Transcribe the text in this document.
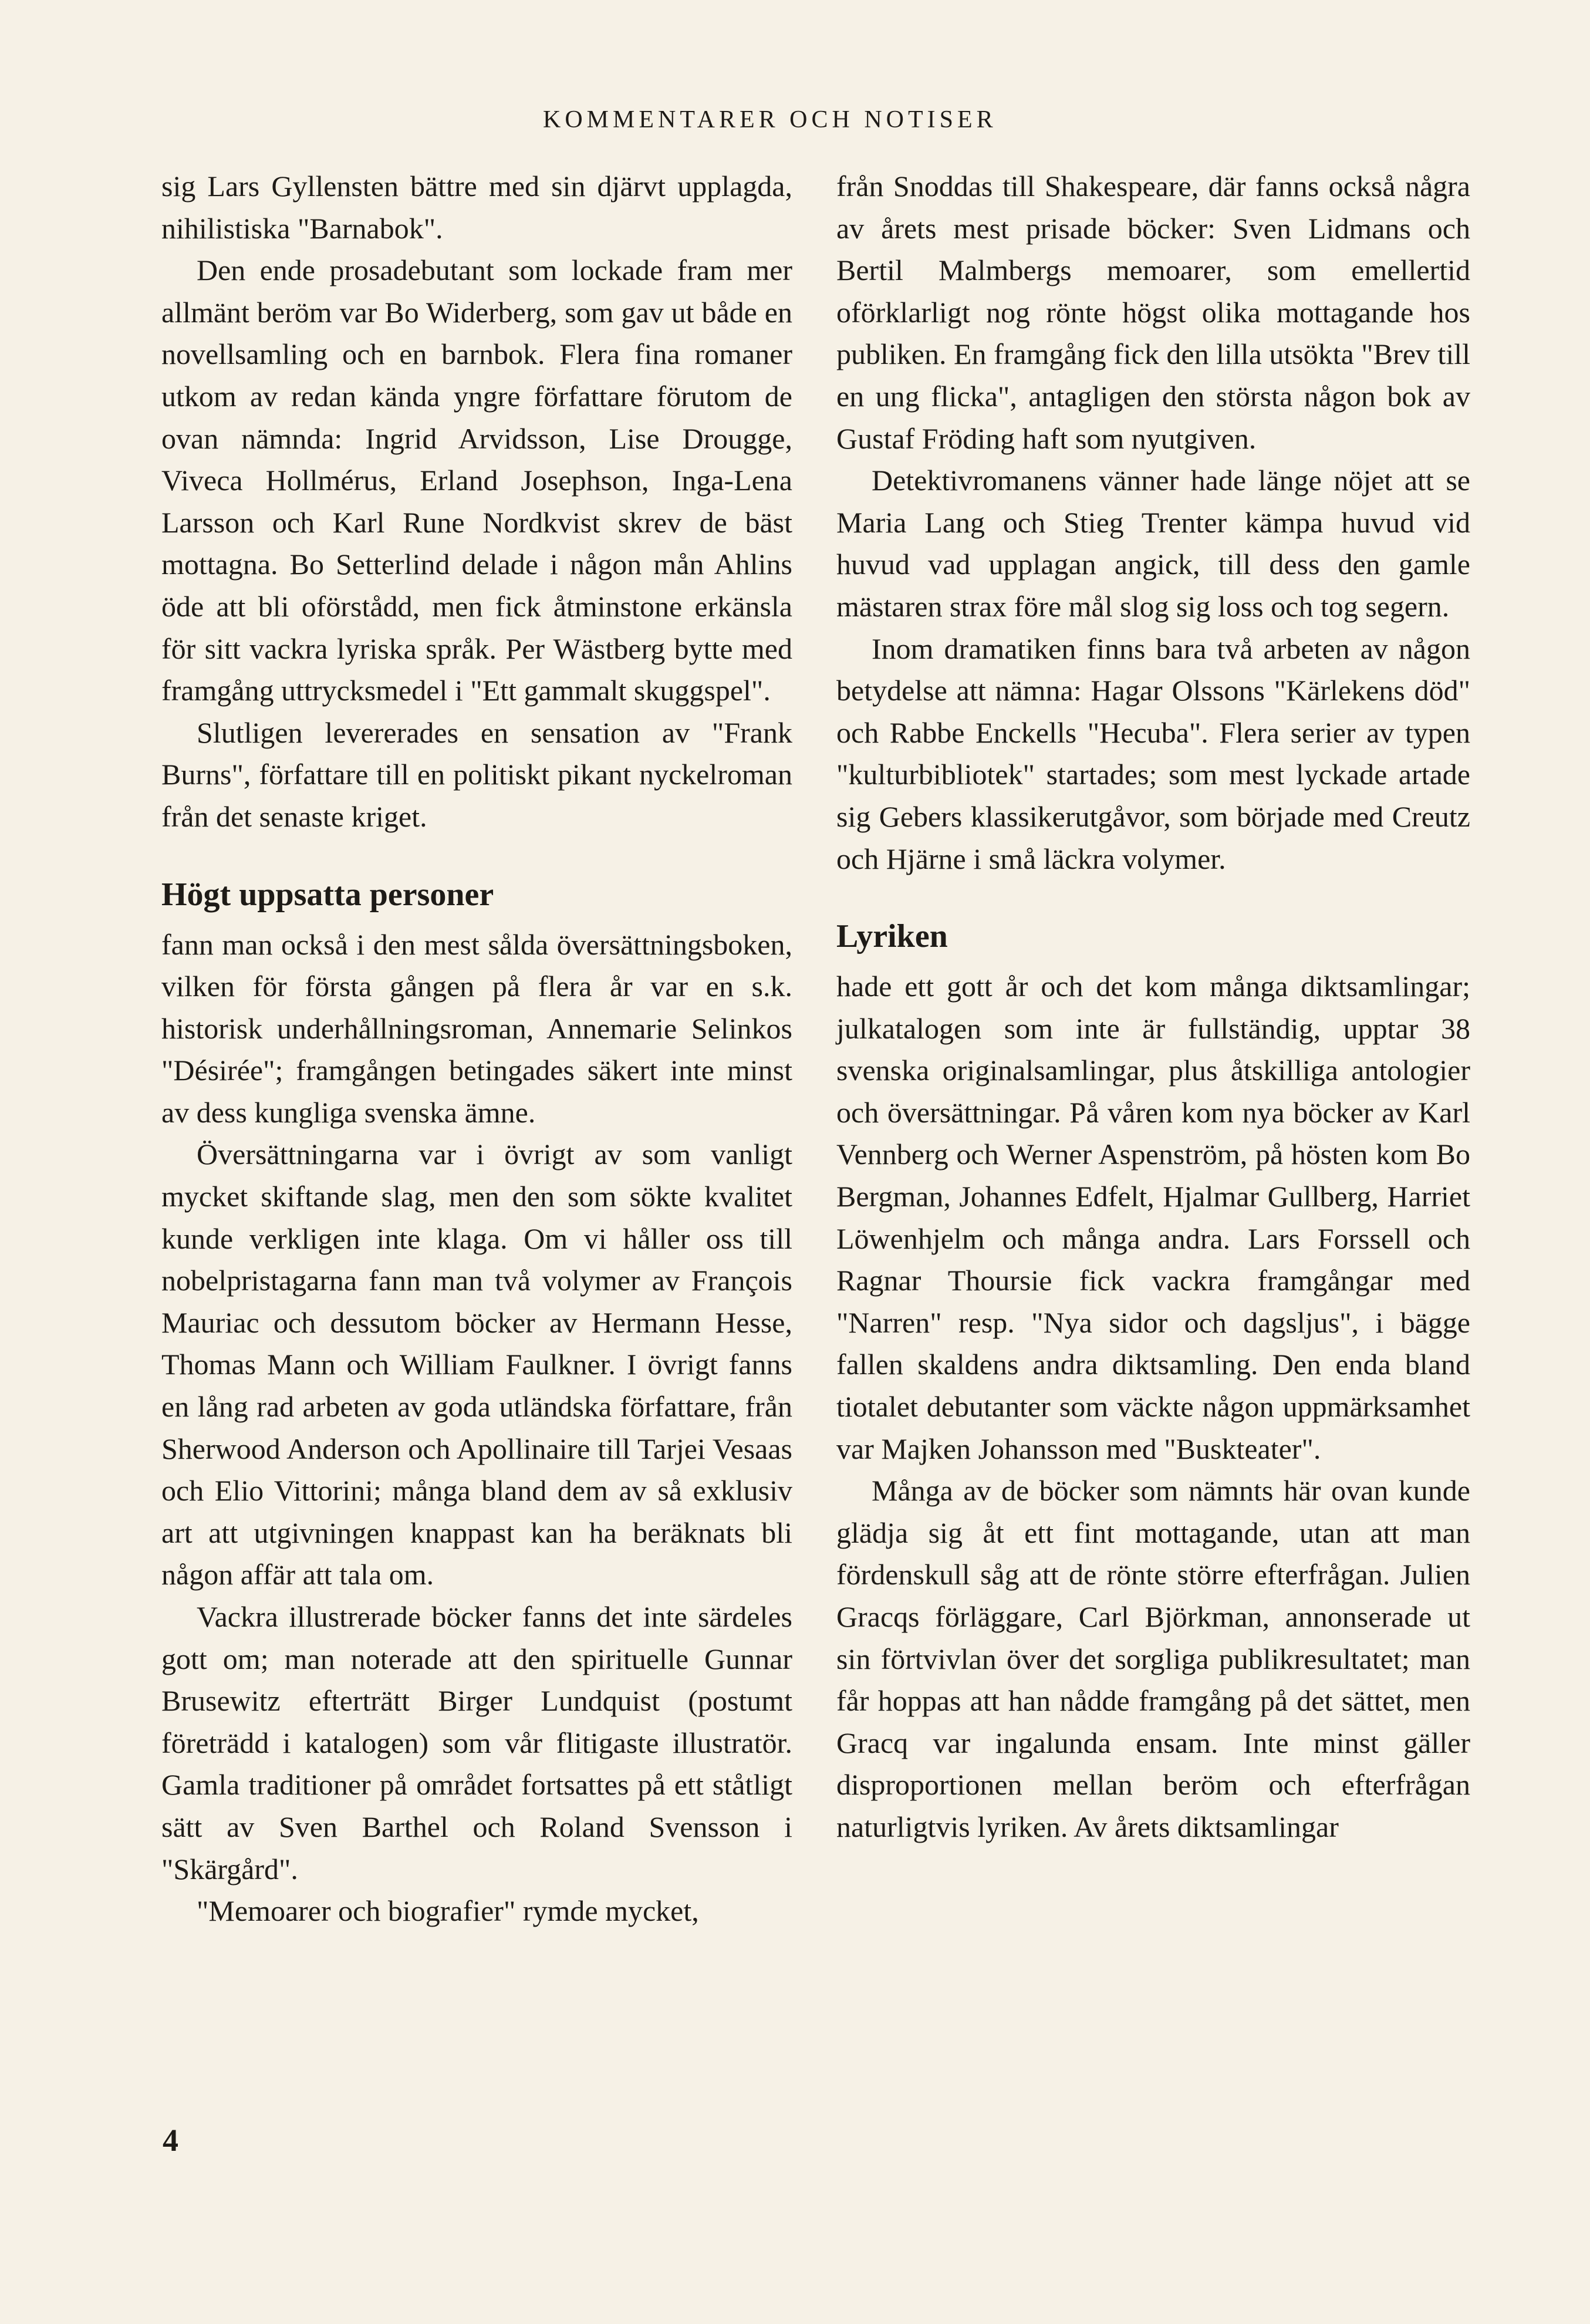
KOMMENTARER OCH NOTISER

sig Lars Gyllensten bättre med sin djärvt upplagda, nihilistiska "Barnabok".

Den ende prosadebutant som lockade fram mer allmänt beröm var Bo Widerberg, som gav ut både en novellsamling och en barnbok. Flera fina romaner utkom av redan kända yngre författare förutom de ovan nämnda: Ingrid Arvidsson, Lise Drougge, Viveca Hollmérus, Erland Josephson, Inga-Lena Larsson och Karl Rune Nordkvist skrev de bäst mottagna. Bo Setterlind delade i någon mån Ahlins öde att bli oförstådd, men fick åtminstone erkänsla för sitt vackra lyriska språk. Per Wästberg bytte med framgång uttrycksmedel i "Ett gammalt skuggspel".

Slutligen levererades en sensation av "Frank Burns", författare till en politiskt pikant nyckelroman från det senaste kriget.

Högt uppsatta personer

fann man också i den mest sålda översättningsboken, vilken för första gången på flera år var en s.k. historisk underhållningsroman, Annemarie Selinkos "Désirée"; framgången betingades säkert inte minst av dess kungliga svenska ämne.

Översättningarna var i övrigt av som vanligt mycket skiftande slag, men den som sökte kvalitet kunde verkligen inte klaga. Om vi håller oss till nobelpristagarna fann man två volymer av François Mauriac och dessutom böcker av Hermann Hesse, Thomas Mann och William Faulkner. I övrigt fanns en lång rad arbeten av goda utländska författare, från Sherwood Anderson och Apollinaire till Tarjei Vesaas och Elio Vittorini; många bland dem av så exklusiv art att utgivningen knappast kan ha beräknats bli någon affär att tala om.

Vackra illustrerade böcker fanns det inte särdeles gott om; man noterade att den spirituelle Gunnar Brusewitz efterträtt Birger Lundquist (postumt företrädd i katalogen) som vår flitigaste illustratör. Gamla traditioner på området fortsattes på ett ståtligt sätt av Sven Barthel och Roland Svensson i "Skärgård".

"Memoarer och biografier" rymde mycket,

från Snoddas till Shakespeare, där fanns också några av årets mest prisade böcker: Sven Lidmans och Bertil Malmbergs memoarer, som emellertid oförklarligt nog rönte högst olika mottagande hos publiken. En framgång fick den lilla utsökta "Brev till en ung flicka", antagligen den största någon bok av Gustaf Fröding haft som nyutgiven.

Detektivromanens vänner hade länge nöjet att se Maria Lang och Stieg Trenter kämpa huvud vid huvud vad upplagan angick, till dess den gamle mästaren strax före mål slog sig loss och tog segern.

Inom dramatiken finns bara två arbeten av någon betydelse att nämna: Hagar Olssons "Kärlekens död" och Rabbe Enckells "Hecuba". Flera serier av typen "kulturbibliotek" startades; som mest lyckade artade sig Gebers klassikerutgåvor, som började med Creutz och Hjärne i små läckra volymer.

Lyriken

hade ett gott år och det kom många diktsamlingar; julkatalogen som inte är fullständig, upptar 38 svenska originalsamlingar, plus åtskilliga antologier och översättningar. På våren kom nya böcker av Karl Vennberg och Werner Aspenström, på hösten kom Bo Bergman, Johannes Edfelt, Hjalmar Gullberg, Harriet Löwenhjelm och många andra. Lars Forssell och Ragnar Thoursie fick vackra framgångar med "Narren" resp. "Nya sidor och dagsljus", i bägge fallen skaldens andra diktsamling. Den enda bland tiotalet debutanter som väckte någon uppmärksamhet var Majken Johansson med "Buskteater".

Många av de böcker som nämnts här ovan kunde glädja sig åt ett fint mottagande, utan att man fördenskull såg att de rönte större efterfrågan. Julien Gracqs förläggare, Carl Björkman, annonserade ut sin förtvivlan över det sorgliga publikresultatet; man får hoppas att han nådde framgång på det sättet, men Gracq var ingalunda ensam. Inte minst gäller disproportionen mellan beröm och efterfrågan naturligtvis lyriken. Av årets diktsamlingar

4
